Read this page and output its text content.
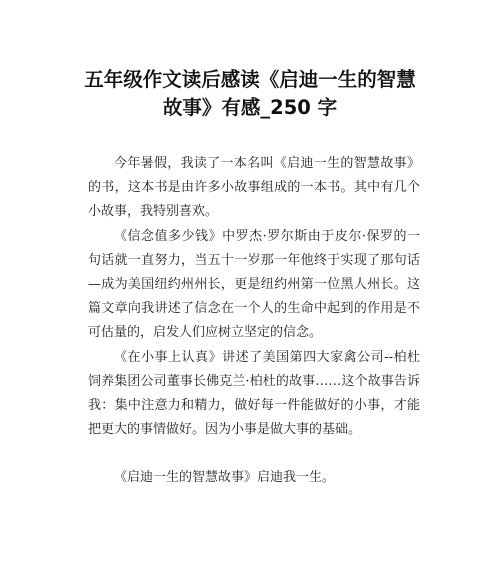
五年级作文读后感读《启迪一生的智慧
故事》有感_250 字

今年暑假，我读了一本名叫《启迪一生的智慧故事》的书，这本书是由许多小故事组成的一本书。其中有几个小故事，我特别喜欢。

《信念值多少钱》中罗杰·罗尔斯由于皮尔·保罗的一句话就一直努力，当五十一岁那一年他终于实现了那句话—成为美国纽约州州长，更是纽约州第一位黑人州长。这篇文章向我讲述了信念在一个人的生命中起到的作用是不可估量的，启发人们应树立坚定的信念。

《在小事上认真》讲述了美国第四大家禽公司--柏杜饲养集团公司董事长佛克兰·柏杜的故事……这个故事告诉我：集中注意力和精力，做好每一件能做好的小事，才能把更大的事情做好。因为小事是做大事的基础。

《启迪一生的智慧故事》启迪我一生。
